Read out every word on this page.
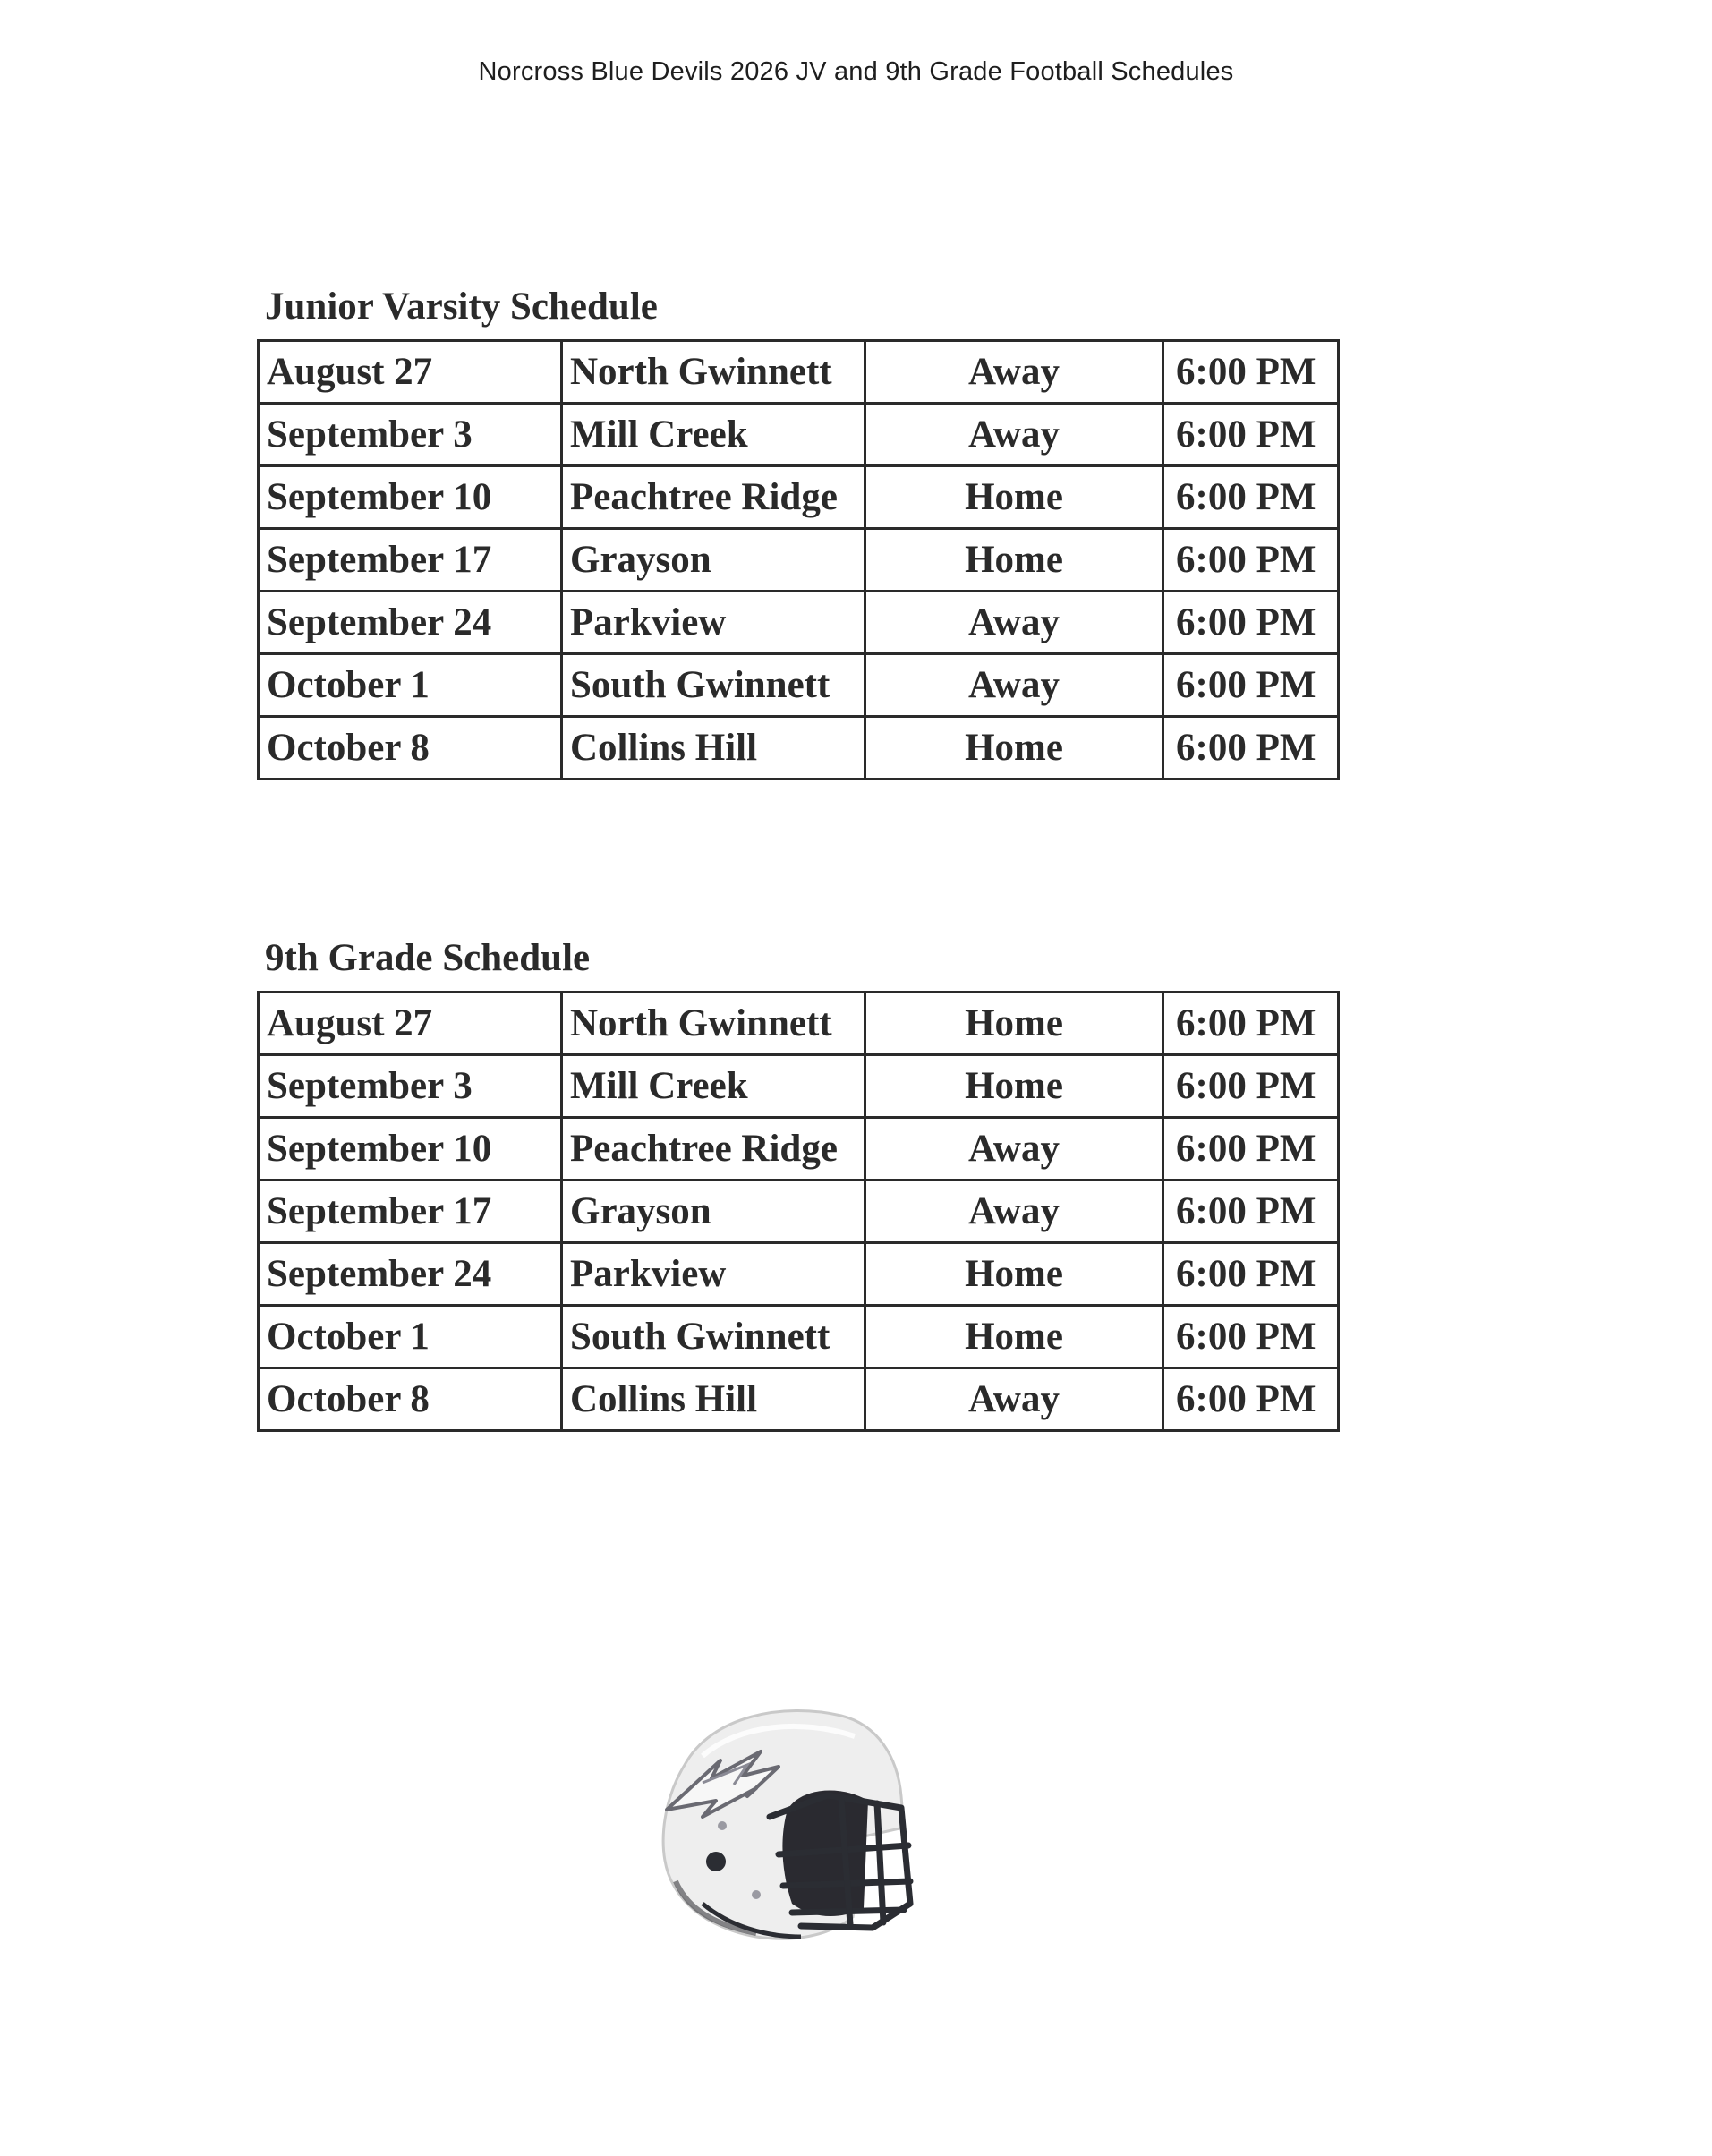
Norcross Blue Devils 2026 JV and 9th Grade Football Schedules
Junior Varsity Schedule
August 27	North Gwinnett	Away	6:00 PM
September 3	Mill Creek	Away	6:00 PM
September 10	Peachtree Ridge	Home	6:00 PM
September 17	Grayson	Home	6:00 PM
September 24	Parkview	Away	6:00 PM
October 1	South Gwinnett	Away	6:00 PM
October 8	Collins Hill	Home	6:00 PM
9th Grade Schedule
August 27	North Gwinnett	Home	6:00 PM
September 3	Mill Creek	Home	6:00 PM
September 10	Peachtree Ridge	Away	6:00 PM
September 17	Grayson	Away	6:00 PM
September 24	Parkview	Home	6:00 PM
October 1	South Gwinnett	Home	6:00 PM
October 8	Collins Hill	Away	6:00 PM
